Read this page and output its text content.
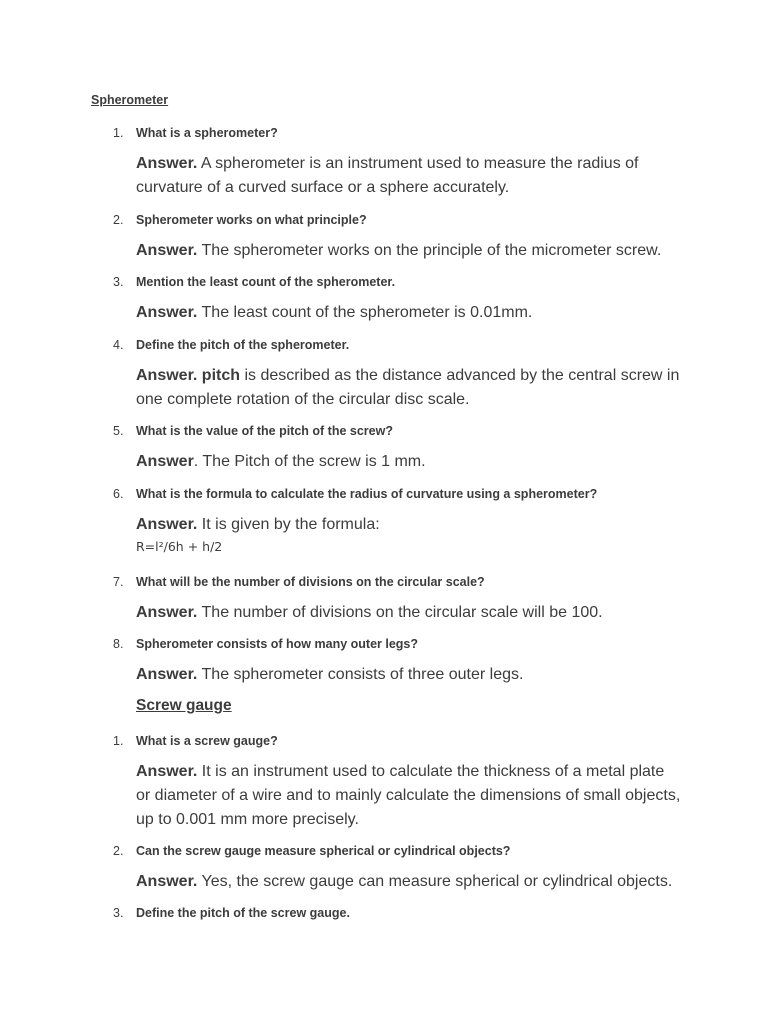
Spherometer
1. What is a spherometer?
Answer. A spherometer is an instrument used to measure the radius of curvature of a curved surface or a sphere accurately.
2. Spherometer works on what principle?
Answer. The spherometer works on the principle of the micrometer screw.
3. Mention the least count of the spherometer.
Answer. The least count of the spherometer is 0.01mm.
4. Define the pitch of the spherometer.
Answer. pitch is described as the distance advanced by the central screw in one complete rotation of the circular disc scale.
5. What is the value of the pitch of the screw?
Answer. The Pitch of the screw is 1 mm.
6. What is the formula to calculate the radius of curvature using a spherometer?
Answer. It is given by the formula:
R=l²/6h + h/2
7. What will be the number of divisions on the circular scale?
Answer. The number of divisions on the circular scale will be 100.
8. Spherometer consists of how many outer legs?
Answer. The spherometer consists of three outer legs.
Screw gauge
1. What is a screw gauge?
Answer. It is an instrument used to calculate the thickness of a metal plate or diameter of a wire and to mainly calculate the dimensions of small objects, up to 0.001 mm more precisely.
2. Can the screw gauge measure spherical or cylindrical objects?
Answer. Yes, the screw gauge can measure spherical or cylindrical objects.
3. Define the pitch of the screw gauge.
